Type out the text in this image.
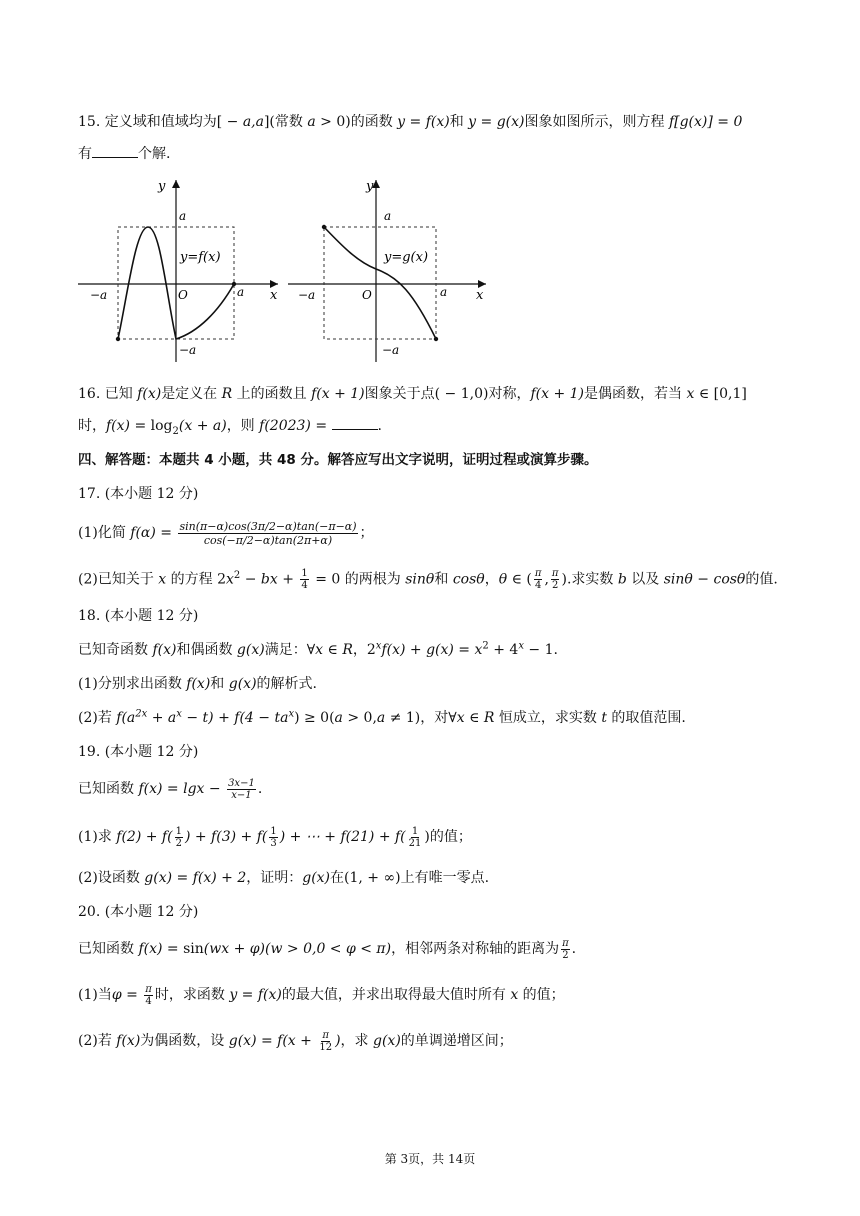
15. 定义域和值域均为[ − a,a](常数 a > 0)的函数 y = f(x)和 y = g(x)图象如图所示，则方程 f[g(x)] = 0
有	个解.
y
a
y=f(x)
−a	O	a x
−a
y
a
y=g(x)
−a	O	a x
−a
16. 已知 f(x)是定义在 R 上的函数且 f(x + 1)图象关于点( − 1,0)对称，f(x + 1)是偶函数，若当 x ∈ [0,1]
时，$f(x) = \log_2(x + a)$，则 f(2023) =	.
四、解答题：本题共 4 小题，共 48 分。解答应写出文字说明，证明过程或演算步骤。
17. (本小题 12 分)
(1)化简 $f(\alpha) = \frac{\sin(\pi-\alpha)\cos(3\pi/2-\alpha)\tan(-\pi-\alpha)}{\cos(-\pi/2-\alpha)\tan(2\pi+\alpha)}$ ；
(2)已知关于 x 的方程 $2x^2$ − bx + $\frac{1}{4} = 0$ 的两根为 sinθ和 cosθ，θ ∈ ( $\frac{\pi}{4}$ , $\frac{\pi}{2}$ ).求实数 b 以及 sinθ − cosθ的值.
18. (本小题 12 分)
已知奇函数 f(x)和偶函数 g(x)满足：∀x ∈ R，$2^xf(x) + g(x) = x^2 + 4^x - 1$.
(1)分别求出函数 f(x)和 g(x)的解析式.
(2)若 $f(a^{2x} + a^x - t) + f(4 - ta^x) \ge 0(a > 0,a \ne 1)$，对∀x ∈ R 恒成立，求实数 t 的取值范围.
19. (本小题 12 分)
已知函数 $f(x) = \lg x - \frac{3x-1}{x-1}$ .
(1)求 $f(2) + f( \frac{1}{2}$ ) + $f(3) + f( \frac{1}{3}$ ) + ⋯ + $f(21) + f( \frac{1}{21}$ )的值；
(2)设函数 g(x) = f(x) + 2，证明：g(x)在(1, + ∞)上有唯一零点.
20. (本小题 12 分)
已知函数 f(x) = sin(wx + φ)(w > 0,0 < φ < π)，相邻两条对称轴的距离为 $\frac{\pi}{2}$ .
(1)当$\varphi = \frac{\pi}{4}$ 时，求函数 y = f(x)的最大值，并求出取得最大值时所有 x 的值；
(2)若 f(x)为偶函数，设 $g(x) = f(x + \frac{\pi}{12}$ )，求 g(x)的单调递增区间；
第 3页，共 14页
